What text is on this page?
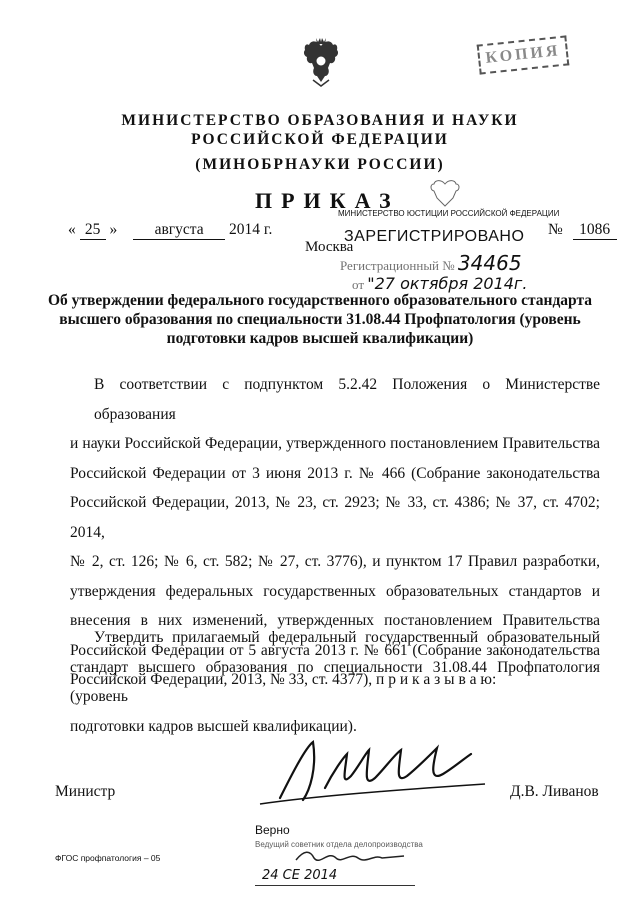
КОПИЯ
МИНИСТЕРСТВО ОБРАЗОВАНИЯ И НАУКИ
РОССИЙСКОЙ ФЕДЕРАЦИИ
(МИНОБРНАУКИ РОССИИ)
ПРИКАЗ
« 25 » августа 2014 г.	№ 1086
Москва
МИНИСТЕРСТВО ЮСТИЦИИ РОССИЙСКОЙ ФЕДЕРАЦИИ
ЗАРЕГИСТРИРОВАНО
Регистрационный № 34465
от "27 октября 2014г.
Об утверждении федерального государственного образовательного стандарта
высшего образования по специальности 31.08.44 Профпатология (уровень
подготовки кадров высшей квалификации)
В соответствии с подпунктом 5.2.42 Положения о Министерстве образования
и науки Российской Федерации, утвержденного постановлением Правительства
Российской Федерации от 3 июня 2013 г. № 466 (Собрание законодательства
Российской Федерации, 2013, № 23, ст. 2923; № 33, ст. 4386; № 37, ст. 4702; 2014,
№ 2, ст. 126; № 6, ст. 582; № 27, ст. 3776), и пунктом 17 Правил разработки,
утверждения федеральных государственных образовательных стандартов и
внесения в них изменений, утвержденных постановлением Правительства
Российской Федерации от 5 августа 2013 г. № 661 (Собрание законодательства
Российской Федерации, 2013, № 33, ст. 4377), п р и к а з ы в а ю:
Утвердить прилагаемый федеральный государственный образовательный
стандарт высшего образования по специальности 31.08.44 Профпатология (уровень
подготовки кадров высшей квалификации).
Министр	Д.В. Ливанов
Верно
Ведущий советник отдела делопроизводства
24 СЕ 2014
ФГОС профпатология – 05
